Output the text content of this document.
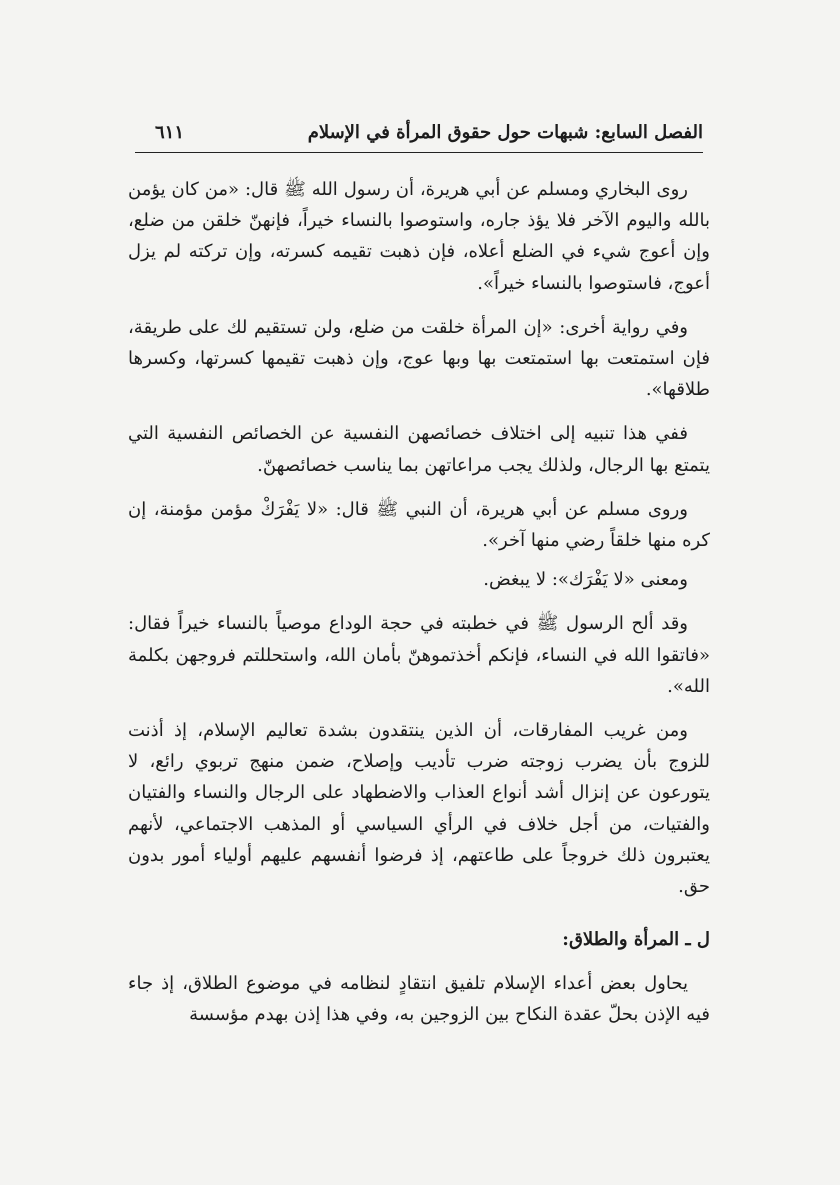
الفصل السابع: شبهات حول حقوق المرأة في الإسلام
٦١١

روى البخاري ومسلم عن أبي هريرة، أن رسول الله ﷺ قال: «من كان يؤمن بالله واليوم الآخر فلا يؤذ جاره، واستوصوا بالنساء خيراً، فإنهنّ خلقن من ضلع، وإن أعوج شيء في الضلع أعلاه، فإن ذهبت تقيمه كسرته، وإن تركته لم يزل أعوج، فاستوصوا بالنساء خيراً».

وفي رواية أخرى: «إن المرأة خلقت من ضلع، ولن تستقيم لك على طريقة، فإن استمتعت بها استمتعت بها وبها عوج، وإن ذهبت تقيمها كسرتها، وكسرها طلاقها».

ففي هذا تنبيه إلى اختلاف خصائصهن النفسية عن الخصائص النفسية التي يتمتع بها الرجال، ولذلك يجب مراعاتهن بما يناسب خصائصهنّ.

وروى مسلم عن أبي هريرة، أن النبي ﷺ قال: «لا يَفْرَكْ مؤمن مؤمنة، إن كره منها خلقاً رضي منها آخر».

ومعنى «لا يَفْرَك»: لا يبغض.

وقد ألح الرسول ﷺ في خطبته في حجة الوداع موصياً بالنساء خيراً فقال: «فاتقوا الله في النساء، فإنكم أخذتموهنّ بأمان الله، واستحللتم فروجهن بكلمة الله».

ومن غريب المفارقات، أن الذين ينتقدون بشدة تعاليم الإسلام، إذ أذنت للزوج بأن يضرب زوجته ضرب تأديب وإصلاح، ضمن منهج تربوي رائع، لا يتورعون عن إنزال أشد أنواع العذاب والاضطهاد على الرجال والنساء والفتيان والفتيات، من أجل خلاف في الرأي السياسي أو المذهب الاجتماعي، لأنهم يعتبرون ذلك خروجاً على طاعتهم، إذ فرضوا أنفسهم عليهم أولياء أمور بدون حق.

ل ـ المرأة والطلاق:

يحاول بعض أعداء الإسلام تلفيق انتقادٍ لنظامه في موضوع الطلاق، إذ جاء فيه الإذن بحلّ عقدة النكاح بين الزوجين به، وفي هذا إذن بهدم مؤسسة
